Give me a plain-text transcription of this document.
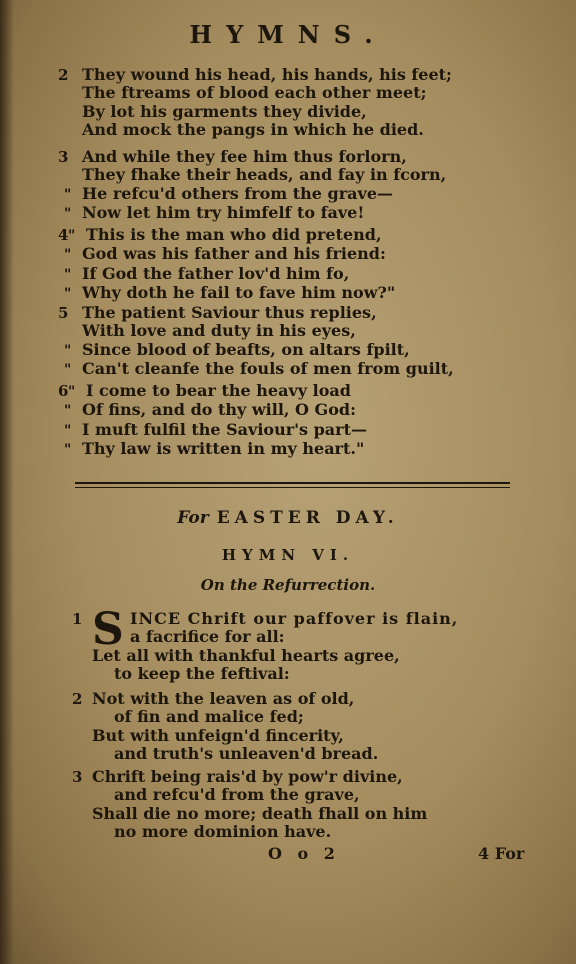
HYMNS.
2 They wound his head, his hands, his feet;
The ftreams of blood each other meet;
By lot his garments they divide,
And mock the pangs in which he died.
3 And while they fee him thus forlorn,
They fhake their heads, and fay in fcorn,
" He refcu'd others from the grave—
" Now let him try himfelf to fave!
4 " This is the man who did pretend,
" God was his father and his friend:
" If God the father lov'd him fo,
" Why doth he fail to fave him now?"
5 The patient Saviour thus replies,
With love and duty in his eyes,
" Since blood of beafts, on altars fpilt,
" Can't cleanfe the fouls of men from guilt,
6 " I come to bear the heavy load
" Of fins, and do thy will, O God:
" I muft fulfil the Saviour's part—
" Thy law is written in my heart."
For EASTER DAY.
HYMN VI.
On the Refurrection.
S
1	INCE Chrift our paffover is flain,
a facrifice for all:
Let all with thankful hearts agree,
to keep the feftival:
2 Not with the leaven as of old,
of fin and malice fed;
But with unfeign'd fincerity,
and truth's unleaven'd bread.
3 Chrift being rais'd by pow'r divine,
and refcu'd from the grave,
Shall die no more; death fhall on him
no more dominion have.
O o 2	4 For
